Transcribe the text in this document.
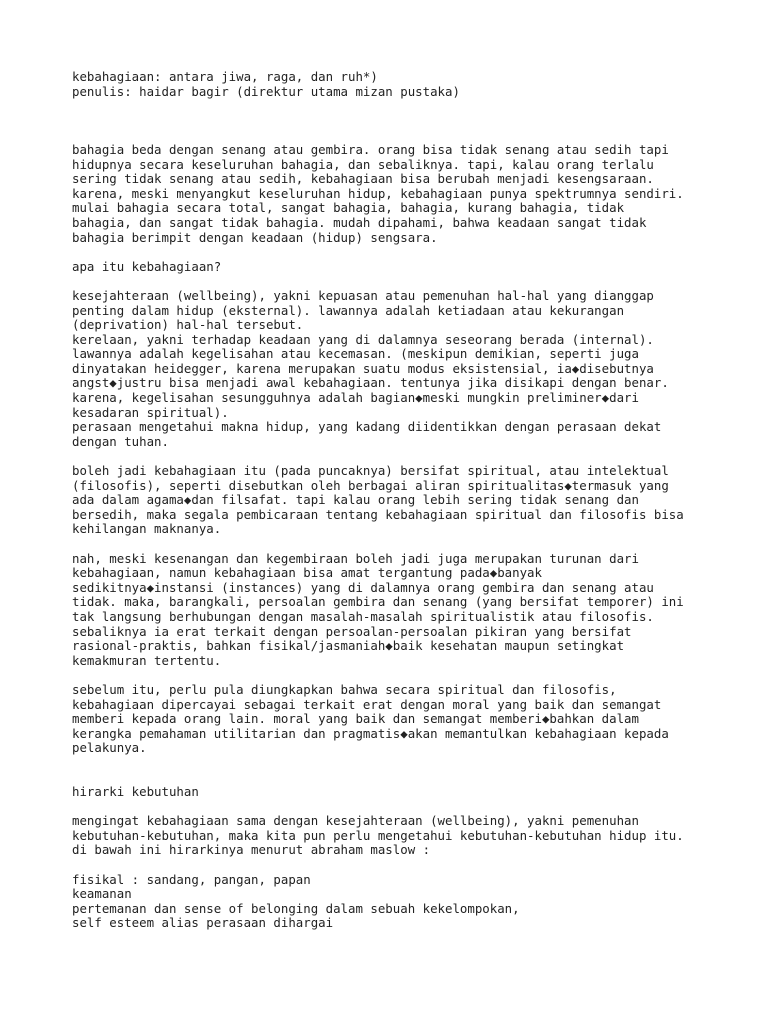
kebahagiaan: antara jiwa, raga, dan ruh*)
penulis: haidar bagir (direktur utama mizan pustaka)
bahagia beda dengan senang atau gembira. orang bisa tidak senang atau sedih tapi
hidupnya secara keseluruhan bahagia, dan sebaliknya. tapi, kalau orang terlalu
sering tidak senang atau sedih, kebahagiaan bisa berubah menjadi kesengsaraan.
karena, meski menyangkut keseluruhan hidup, kebahagiaan punya spektrumnya sendiri.
mulai bahagia secara total, sangat bahagia, bahagia, kurang bahagia, tidak
bahagia, dan sangat tidak bahagia. mudah dipahami, bahwa keadaan sangat tidak
bahagia berimpit dengan keadaan (hidup) sengsara.
apa itu kebahagiaan?
kesejahteraan (wellbeing), yakni kepuasan atau pemenuhan hal-hal yang dianggap
penting dalam hidup (eksternal). lawannya adalah ketiadaan atau kekurangan
(deprivation) hal-hal tersebut.
kerelaan, yakni terhadap keadaan yang di dalamnya seseorang berada (internal).
lawannya adalah kegelisahan atau kecemasan. (meskipun demikian, seperti juga
dinyatakan heidegger, karena merupakan suatu modus eksistensial, ia◆disebutnya
angst◆justru bisa menjadi awal kebahagiaan. tentunya jika disikapi dengan benar.
karena, kegelisahan sesungguhnya adalah bagian◆meski mungkin preliminer◆dari
kesadaran spiritual).
perasaan mengetahui makna hidup, yang kadang diidentikkan dengan perasaan dekat
dengan tuhan.
boleh jadi kebahagiaan itu (pada puncaknya) bersifat spiritual, atau intelektual
(filosofis), seperti disebutkan oleh berbagai aliran spiritualitas◆termasuk yang
ada dalam agama◆dan filsafat. tapi kalau orang lebih sering tidak senang dan
bersedih, maka segala pembicaraan tentang kebahagiaan spiritual dan filosofis bisa
kehilangan maknanya.
nah, meski kesenangan dan kegembiraan boleh jadi juga merupakan turunan dari
kebahagiaan, namun kebahagiaan bisa amat tergantung pada◆banyak
sedikitnya◆instansi (instances) yang di dalamnya orang gembira dan senang atau
tidak. maka, barangkali, persoalan gembira dan senang (yang bersifat temporer) ini
tak langsung berhubungan dengan masalah-masalah spiritualistik atau filosofis.
sebaliknya ia erat terkait dengan persoalan-persoalan pikiran yang bersifat
rasional-praktis, bahkan fisikal/jasmaniah◆baik kesehatan maupun setingkat
kemakmuran tertentu.
sebelum itu, perlu pula diungkapkan bahwa secara spiritual dan filosofis,
kebahagiaan dipercayai sebagai terkait erat dengan moral yang baik dan semangat
memberi kepada orang lain. moral yang baik dan semangat memberi◆bahkan dalam
kerangka pemahaman utilitarian dan pragmatis◆akan memantulkan kebahagiaan kepada
pelakunya.
hirarki kebutuhan
mengingat kebahagiaan sama dengan kesejahteraan (wellbeing), yakni pemenuhan
kebutuhan-kebutuhan, maka kita pun perlu mengetahui kebutuhan-kebutuhan hidup itu.
di bawah ini hirarkinya menurut abraham maslow :
fisikal : sandang, pangan, papan
keamanan
pertemanan dan sense of belonging dalam sebuah kekelompokan,
self esteem alias perasaan dihargai
